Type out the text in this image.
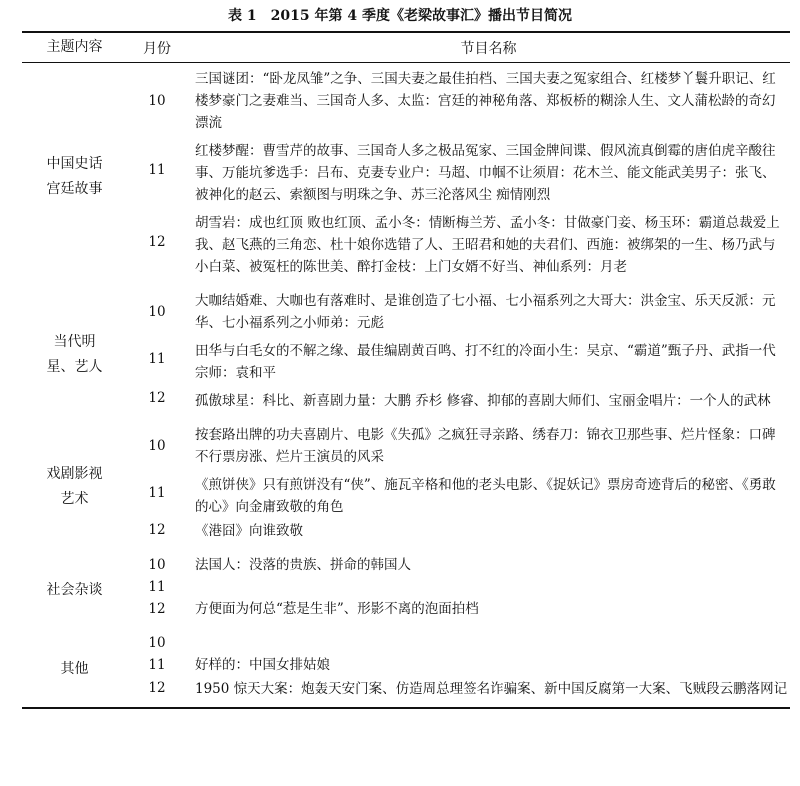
表 1　2015 年第 4 季度《老梁故事汇》播出节目简况
主题内容	月份	节目名称
中国史话宫廷故事	10	三国谜团：“卧龙凤雏”之争、三国夫妻之最佳拍档、三国夫妻之冤家组合、红楼梦丫鬟升职记、红楼梦豪门之妻难当、三国奇人多、太监：宫廷的神秘角落、郑板桥的糊涂人生、文人蒲松龄的奇幻漂流
	11	红楼梦醒：曹雪芹的故事、三国奇人多之极品冤家、三国金牌间谍、假风流真倒霉的唐伯虎辛酸往事、万能坑爹选手：吕布、克妻专业户：马超、巾帼不让须眉：花木兰、能文能武美男子：张飞、被神化的赵云、索额图与明珠之争、苏三沦落风尘 痴情刚烈
	12	胡雪岩：成也红顶 败也红顶、孟小冬：情断梅兰芳、孟小冬：甘做豪门妾、杨玉环：霸道总裁爱上我、赵飞燕的三角恋、杜十娘你选错了人、王昭君和她的夫君们、西施：被绑架的一生、杨乃武与小白菜、被冤枉的陈世美、醉打金枝：上门女婿不好当、神仙系列：月老
当代明星、艺人	10	大咖结婚难、大咖也有落难时、是谁创造了七小福、七小福系列之大哥大：洪金宝、乐天反派：元华、七小福系列之小师弟：元彪
	11	田华与白毛女的不解之缘、最佳编剧黄百鸣、打不红的冷面小生：吴京、“霸道”甄子丹、武指一代宗师：袁和平
	12	孤傲球星：科比、新喜剧力量：大鹏 乔杉 修睿、抑郁的喜剧大师们、宝丽金唱片：一个人的武林
戏剧影视艺术	10	按套路出牌的功夫喜剧片、电影《失孤》之疯狂寻亲路、绣春刀：锦衣卫那些事、烂片怪象：口碑不行票房涨、烂片王演员的风采
	11	《煎饼侠》只有煎饼没有“侠”、施瓦辛格和他的老头电影、《捉妖记》票房奇迹背后的秘密、《勇敢的心》向金庸致敬的角色
	12	《港囧》向谁致敬
社会杂谈	10	法国人：没落的贵族、拼命的韩国人
	11	
	12	方便面为何总“惹是生非”、形影不离的泡面拍档
其他	10	
	11	好样的：中国女排姑娘
	12	1950 惊天大案：炮轰天安门案、仿造周总理签名诈骗案、新中国反腐第一大案、飞贼段云鹏落网记
